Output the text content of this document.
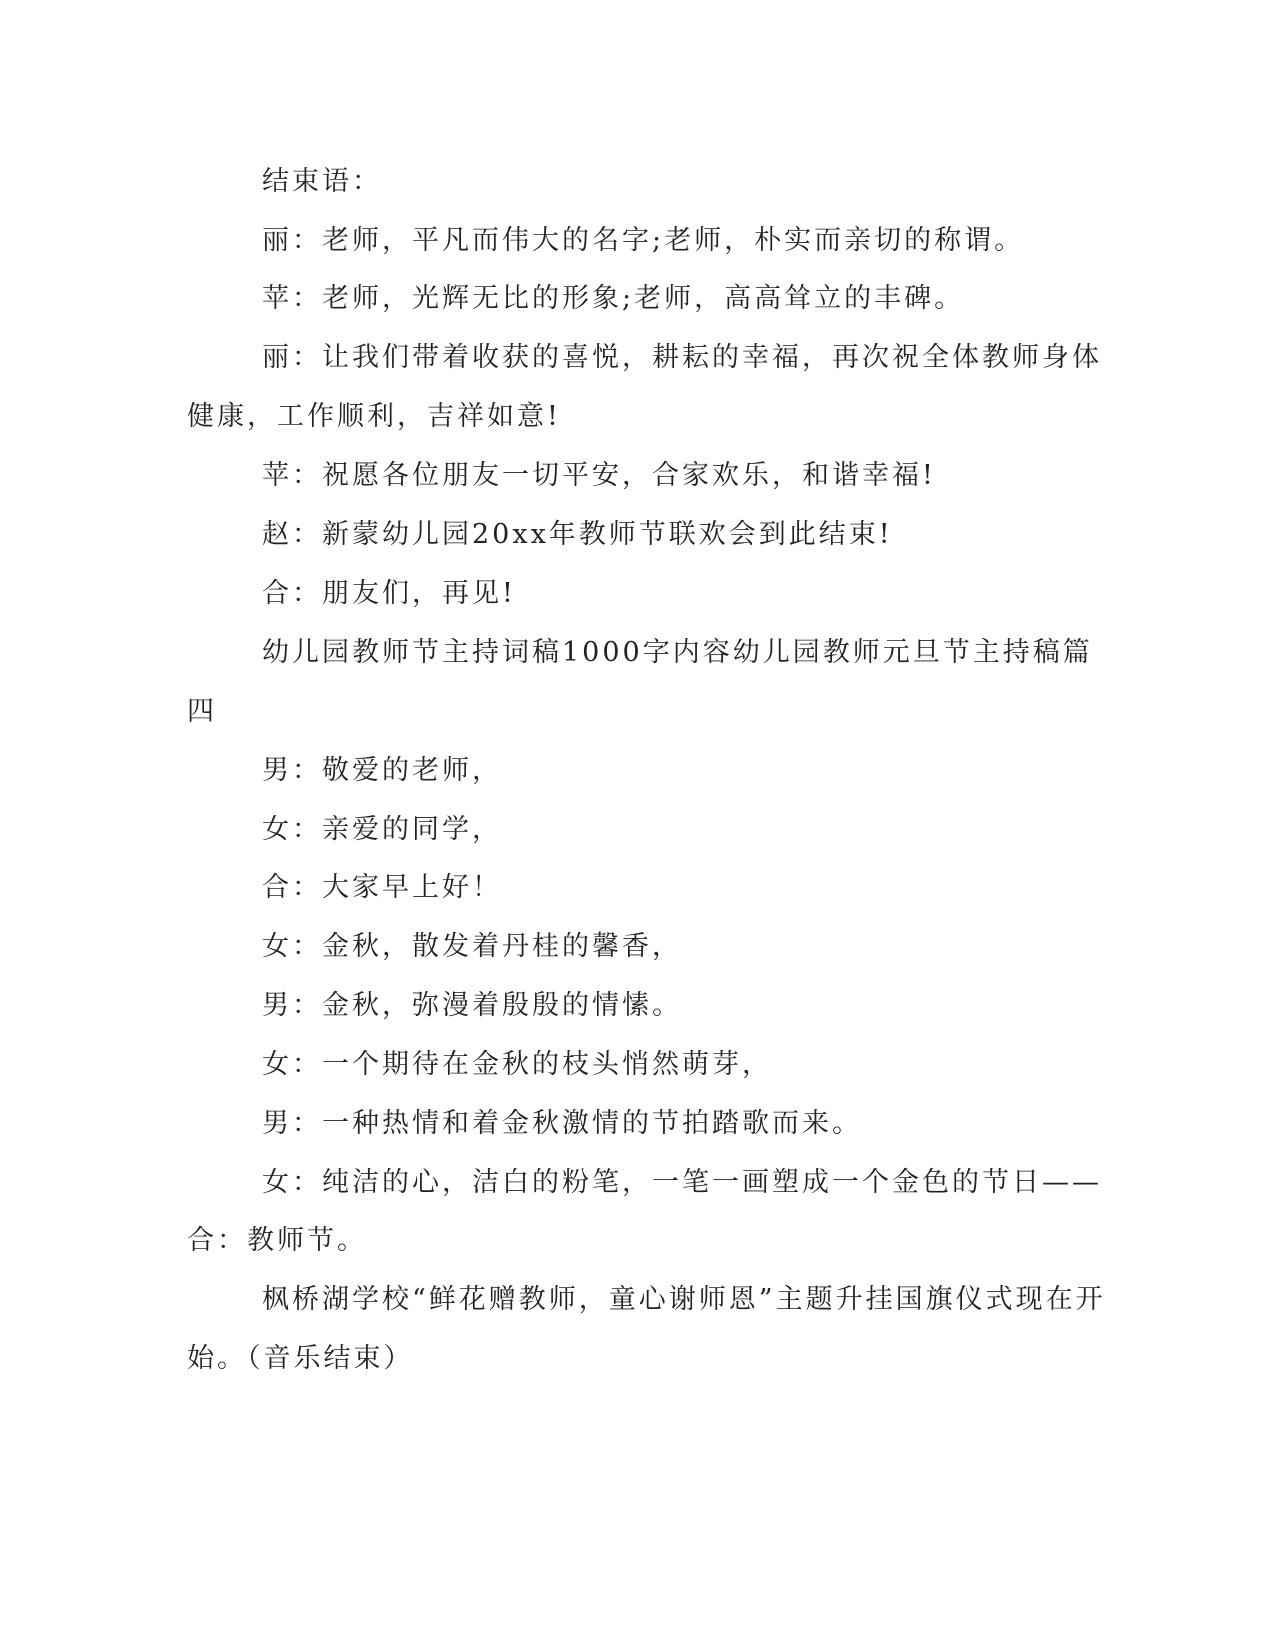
结束语：

丽：老师，平凡而伟大的名字;老师，朴实而亲切的称谓。

苹：老师，光辉无比的形象;老师，高高耸立的丰碑。

丽：让我们带着收获的喜悦，耕耘的幸福，再次祝全体教师身体

健康，工作顺利，吉祥如意!

苹：祝愿各位朋友一切平安，合家欢乐，和谐幸福!

赵：新蒙幼儿园20xx年教师节联欢会到此结束!

合：朋友们，再见!

幼儿园教师节主持词稿1000字内容幼儿园教师元旦节主持稿篇

四

男：敬爱的老师，

女：亲爱的同学，

合：大家早上好！

女：金秋，散发着丹桂的馨香，

男：金秋，弥漫着殷殷的情愫。

女：一个期待在金秋的枝头悄然萌芽，

男：一种热情和着金秋激情的节拍踏歌而来。

女：纯洁的心，洁白的粉笔，一笔一画塑成一个金色的节日——

合：教师节。

枫桥湖学校“鲜花赠教师，童心谢师恩”主题升挂国旗仪式现在开

始。（音乐结束）
